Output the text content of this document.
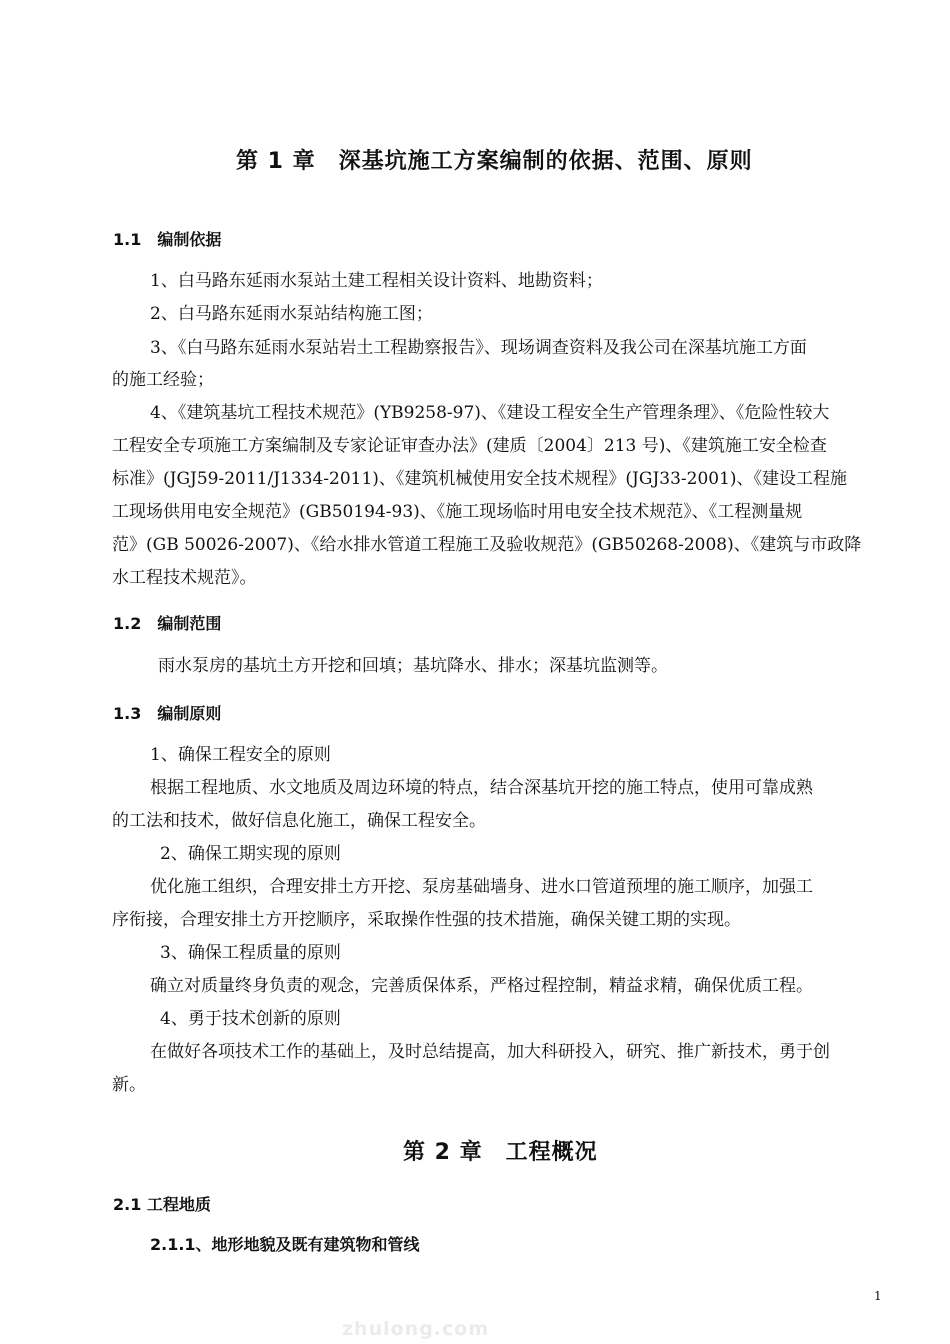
第 1 章　深基坑施工方案编制的依据、范围、原则
1.1　编制依据
1、白马路东延雨水泵站土建工程相关设计资料、地勘资料；
2、白马路东延雨水泵站结构施工图；
3、《白马路东延雨水泵站岩土工程勘察报告》、现场调查资料及我公司在深基坑施工方面
的施工经验；
4、《建筑基坑工程技术规范》(YB9258-97)、《建设工程安全生产管理条理》、《危险性较大
工程安全专项施工方案编制及专家论证审查办法》(建质〔2004〕213 号)、《建筑施工安全检查
标准》(JGJ59-2011/J1334-2011)、《建筑机械使用安全技术规程》(JGJ33-2001)、《建设工程施
工现场供用电安全规范》(GB50194-93)、《施工现场临时用电安全技术规范》、《工程测量规
范》(GB 50026-2007)、《给水排水管道工程施工及验收规范》(GB50268-2008)、《建筑与市政降
水工程技术规范》。
1.2　编制范围
雨水泵房的基坑土方开挖和回填；基坑降水、排水；深基坑监测等。
1.3　编制原则
1、确保工程安全的原则
根据工程地质、水文地质及周边环境的特点，结合深基坑开挖的施工特点，使用可靠成熟
的工法和技术，做好信息化施工，确保工程安全。
2、确保工期实现的原则
优化施工组织，合理安排土方开挖、泵房基础墙身、进水口管道预埋的施工顺序，加强工
序衔接，合理安排土方开挖顺序，采取操作性强的技术措施，确保关键工期的实现。
3、确保工程质量的原则
确立对质量终身负责的观念，完善质保体系，严格过程控制，精益求精，确保优质工程。
4、勇于技术创新的原则
在做好各项技术工作的基础上，及时总结提高，加大科研投入，研究、推广新技术，勇于创
新。
第 2 章　工程概况
2.1 工程地质
2.1.1、地形地貌及既有建筑物和管线
1
zhulong.com
